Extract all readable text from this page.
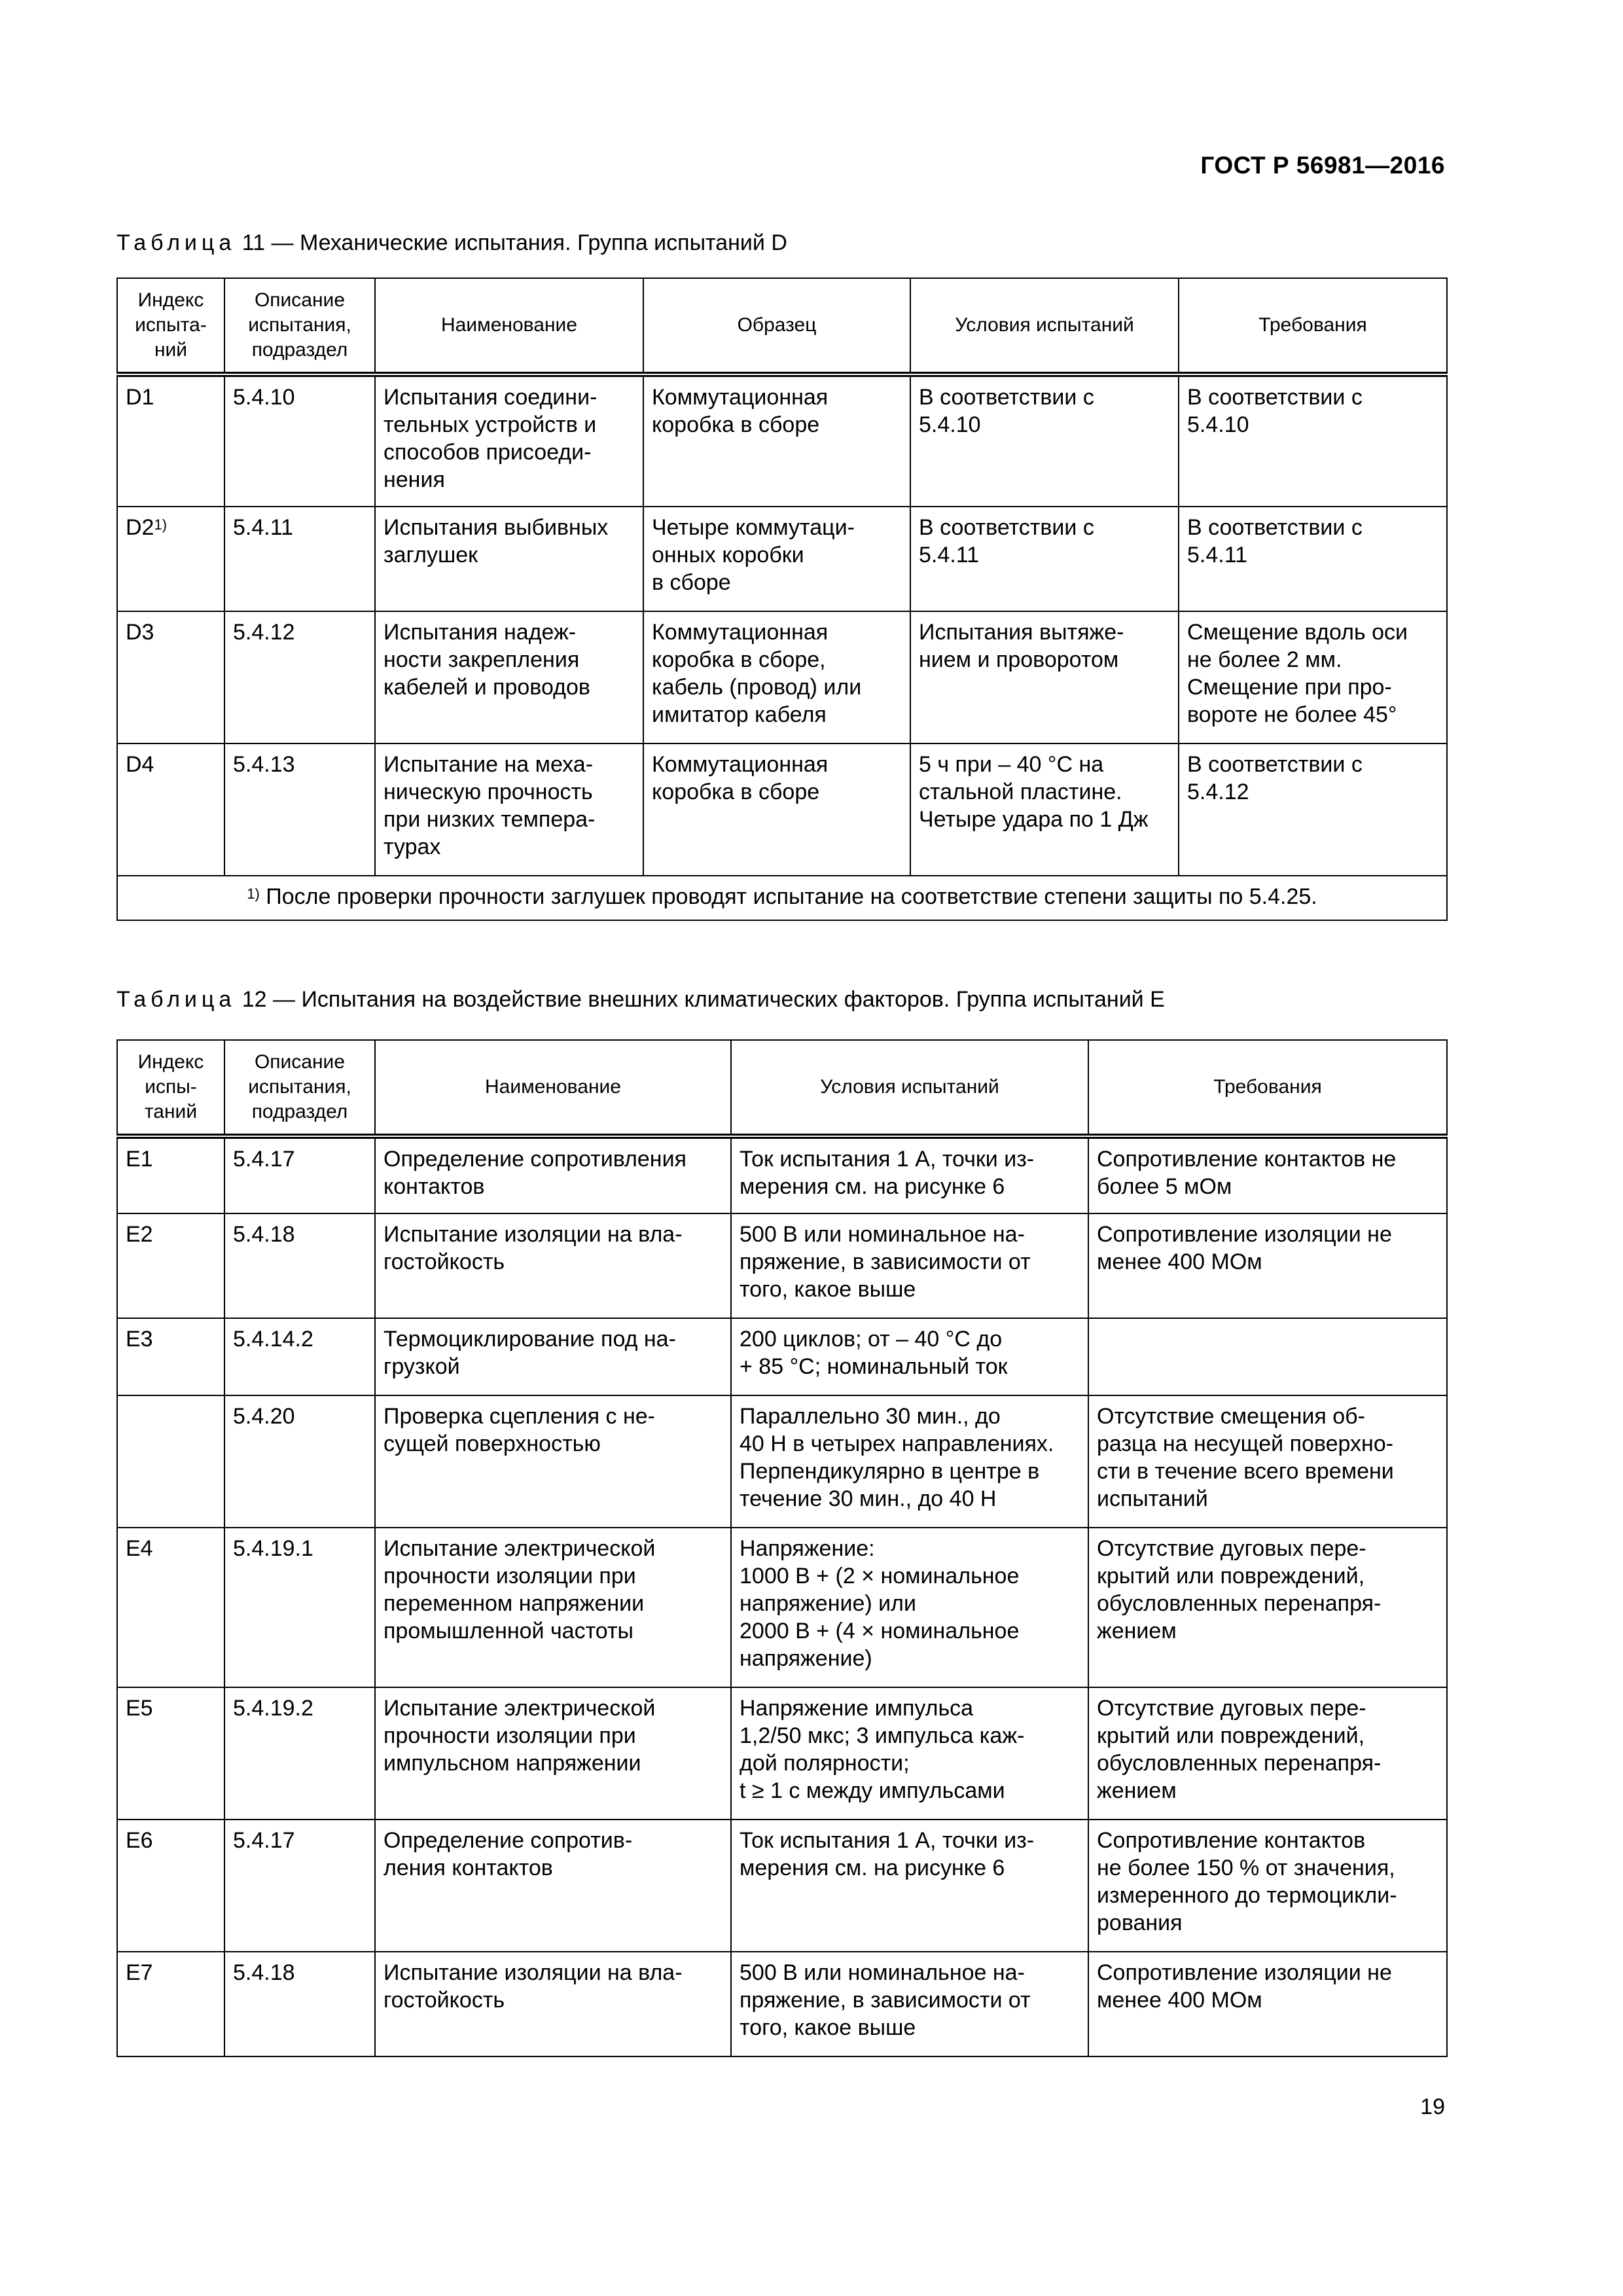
ГОСТ Р 56981—2016
Таблица 11 — Механические испытания. Группа испытаний D
Индекс
испыта-
ний	Описание
испытания,
подраздел	Наименование	Образец	Условия испытаний	Требования
D1	5.4.10	Испытания соедини-
тельных устройств и
способов присоеди-
нения	Коммутационная
коробка в сборе	В соответствии с
5.4.10	В соответствии с
5.4.10
D2$^{1)}$	5.4.11	Испытания выбивных
заглушек	Четыре коммутаци-
онных коробки
в сборе	В соответствии с
5.4.11	В соответствии с
5.4.11
D3	5.4.12	Испытания надеж-
ности закрепления
кабелей и проводов	Коммутационная
коробка в сборе,
кабель (провод) или
имитатор кабеля	Испытания вытяже-
нием и проворотом	Смещение вдоль оси
не более 2 мм.
Смещение при про-
вороте не более 45°
D4	5.4.13	Испытание на меха-
ническую прочность
при низких темпера-
турах	Коммутационная
коробка в сборе	5 ч при – 40 °С на
стальной пластине.
Четыре удара по 1 Дж	В соответствии с
5.4.12
$^{1)}$ После проверки прочности заглушек проводят испытание на соответствие степени защиты по 5.4.25.					
Таблица 12 — Испытания на воздействие внешних климатических факторов. Группа испытаний Е
Индекс
испы-
таний	Описание
испытания,
подраздел	Наименование	Условия испытаний	Требования
Е1	5.4.17	Определение сопротивления
контактов	Ток испытания 1 А, точки из-
мерения см. на рисунке 6	Сопротивление контактов не
более 5 мОм
Е2	5.4.18	Испытание изоляции на вла-
гостойкость	500 В или номинальное на-
пряжение, в зависимости от
того, какое выше	Сопротивление изоляции не
менее 400 МОм
Е3	5.4.14.2	Термоциклирование под на-
грузкой	200 циклов; от – 40 °С до
+ 85 °С; номинальный ток	
	5.4.20	Проверка сцепления с не-
сущей поверхностью	Параллельно 30 мин., до
40 Н в четырех направлениях.
Перпендикулярно в центре в
течение 30 мин., до 40 Н	Отсутствие смещения об-
разца на несущей поверхно-
сти в течение всего времени
испытаний
Е4	5.4.19.1	Испытание электрической
прочности изоляции при
переменном напряжении
промышленной частоты	Напряжение:
1000 В + (2 × номинальное
напряжение) или
2000 В + (4 × номинальное
напряжение)	Отсутствие дуговых пере-
крытий или повреждений,
обусловленных перенапря-
жением
Е5	5.4.19.2	Испытание электрической
прочности изоляции при
импульсном напряжении	Напряжение импульса
1,2/50 мкс; 3 импульса каж-
дой полярности;
t ≥ 1 с между импульсами	Отсутствие дуговых пере-
крытий или повреждений,
обусловленных перенапря-
жением
Е6	5.4.17	Определение сопротив-
ления контактов	Ток испытания 1 А, точки из-
мерения см. на рисунке 6	Сопротивление контактов
не более 150 % от значения,
измеренного до термоцикли-
рования
Е7	5.4.18	Испытание изоляции на вла-
гостойкость	500 В или номинальное на-
пряжение, в зависимости от
того, какое выше	Сопротивление изоляции не
менее 400 МОм
19
